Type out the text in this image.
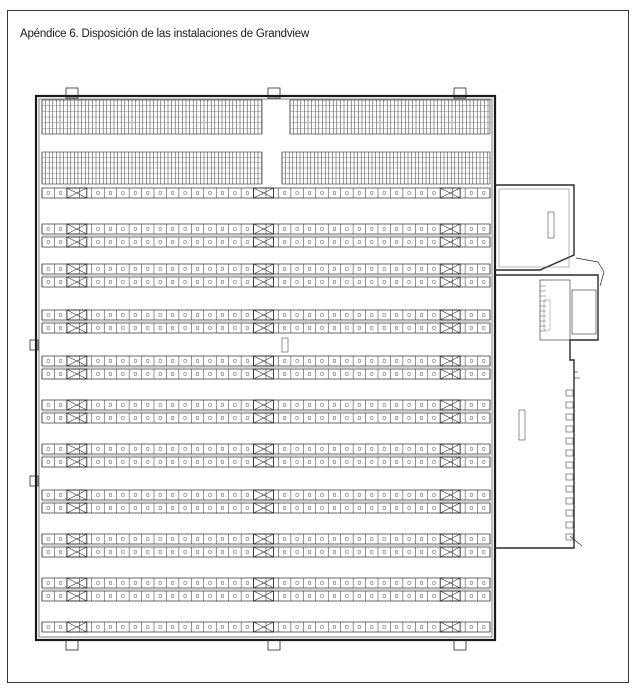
Apéndice 6. Disposición de las instalaciones de Grandview
